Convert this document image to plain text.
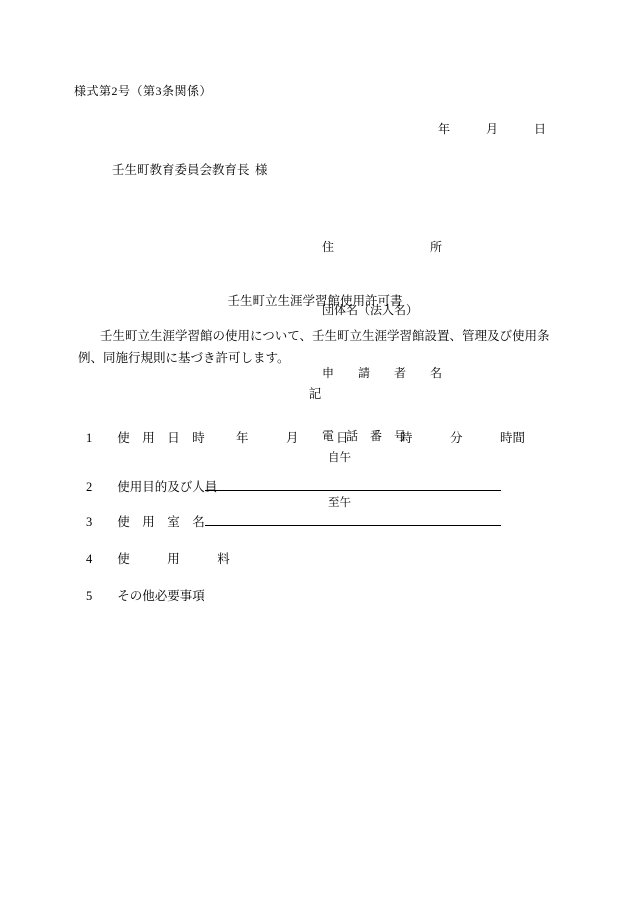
様式第2号（第3条関係）
年　　　月　　　日
壬生町教育委員会教育長 様

住　　　　　　　　所

団体名（法人名）

申　　請　　者　　名

電　話　番　号

壬生町立生涯学習館使用許可書
壬生町立生涯学習館の使用について、壬生町立生涯学習館設置、管理及び使用条例、同施行規則に基づき許可します。
記
1　　 使　用　日　時 年　　　月　　　日

自午

至午

時　　　分　　　時間
2　　 使用目的及び人員
3　　 使　用　室　名
4　　 使　　　用　　　料
5　　 その他必要事項
